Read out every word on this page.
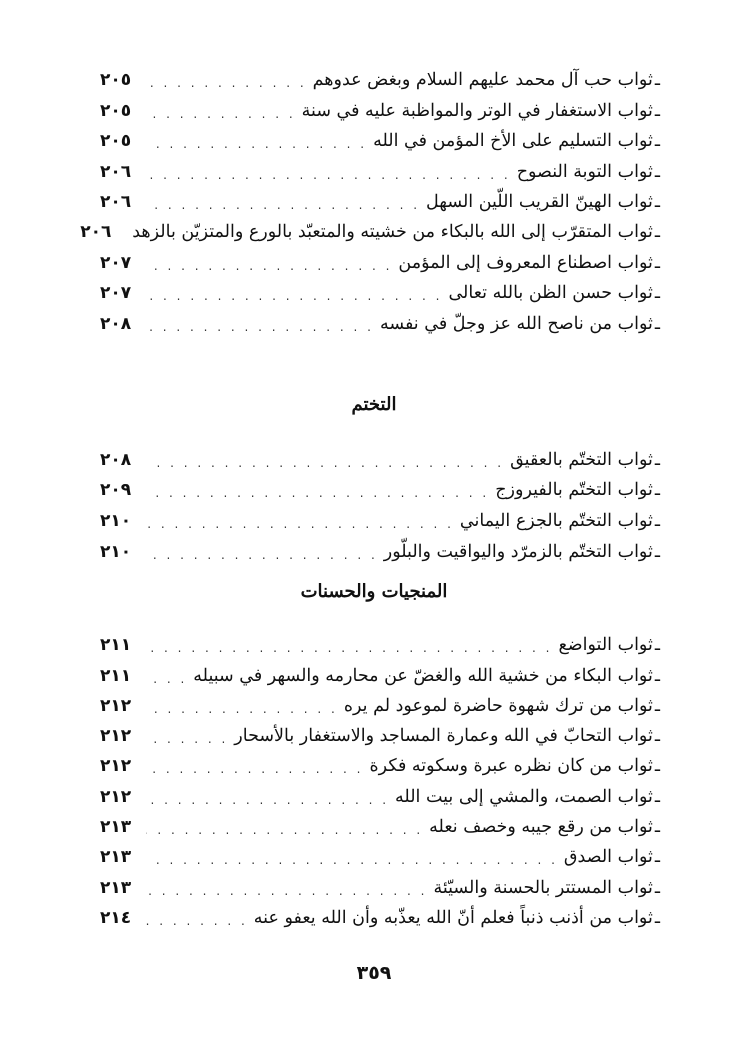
ـ
ثواب حب آل محمد عليهم السلام وبغض عدوهم
. . .
٢٠٥
ـ
ثواب الاستغفار في الوتر والمواظبة عليه في سنة
. . .
٢٠٥
ـ
ثواب التسليم على الأخ المؤمن في الله
. . .
٢٠٥
ـ
ثواب التوبة النصوح
. . .
٢٠٦
ـ
ثواب الهينّ القريب اللّين السهل
. . .
٢٠٦
ـ
ثواب المتقرّب إلى الله بالبكاء من خشيته والمتعبّد بالورع والمتزيّن بالزهد
٢٠٦
ـ
ثواب اصطناع المعروف إلى المؤمن
. . .
٢٠٧
ـ
ثواب حسن الظن بالله تعالى
. . .
٢٠٧
ـ
ثواب من ناصح الله عز وجلّ في نفسه
. . .
٢٠٨
التختم
ـ
ثواب التختّم بالعقيق
. . .
٢٠٨
ـ
ثواب التختّم بالفيروزج
. . .
٢٠٩
ـ
ثواب التختّم بالجزع اليماني
. . .
٢١٠
ـ
ثواب التختّم بالزمرّد واليواقيت والبلّور
. . .
٢١٠
المنجيات والحسنات
ـ
ثواب التواضع
. . .
٢١١
ـ
ثواب البكاء من خشية الله والغضّ عن محارمه والسهر في سبيله
. . .
٢١١
ـ
ثواب من ترك شهوة حاضرة لموعود لم يره
. . .
٢١٢
ـ
ثواب التحابّ في الله وعمارة المساجد والاستغفار بالأسحار
. . .
٢١٢
ـ
ثواب من كان نظره عبرة وسكوته فكرة
. . .
٢١٢
ـ
ثواب الصمت، والمشي إلى بيت الله
. . .
٢١٢
ـ
ثواب من رقع جيبه وخصف نعله
. . .
٢١٣
ـ
ثواب الصدق
. . .
٢١٣
ـ
ثواب المستتر بالحسنة والسيّئة
. . .
٢١٣
ـ
ثواب من أذنب ذنباً فعلم أنّ الله يعذّبه وأن الله يعفو عنه
. . .
٢١٤
٣٥٩
